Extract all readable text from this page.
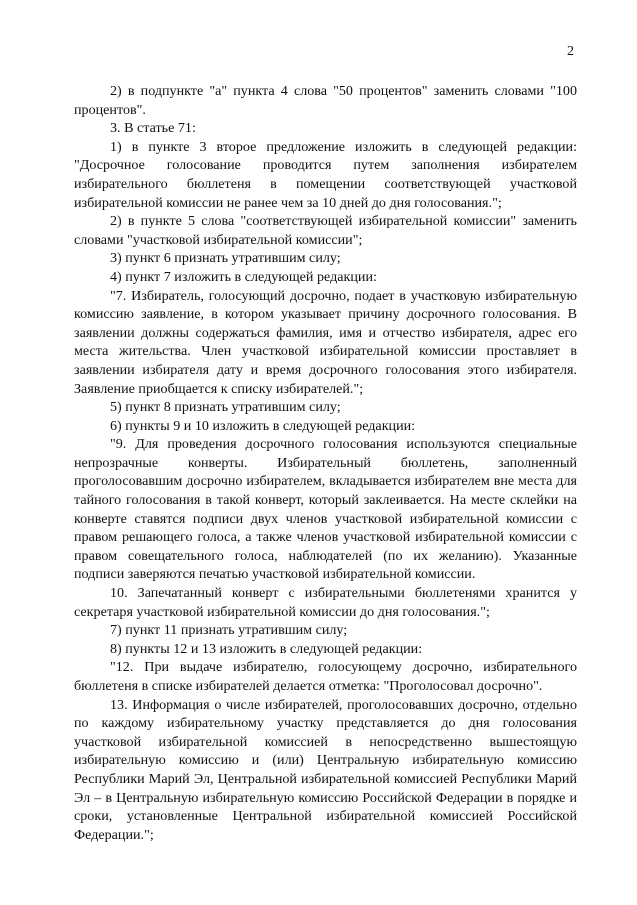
2

2) в подпункте "а" пункта 4 слова "50 процентов" заменить словами "100 процентов".

3. В статье 71:

1) в пункте 3 второе предложение изложить в следующей редакции: "Досрочное голосование проводится путем заполнения избирателем избирательного бюллетеня в помещении соответствующей участковой избирательной комиссии не ранее чем за 10 дней до дня голосования.";

2) в пункте 5 слова "соответствующей избирательной комиссии" заменить словами "участковой избирательной комиссии";

3) пункт 6 признать утратившим силу;

4) пункт 7 изложить в следующей редакции:

"7. Избиратель, голосующий досрочно, подает в участковую избирательную комиссию заявление, в котором указывает причину досрочного голосования. В заявлении должны содержаться фамилия, имя и отчество избирателя, адрес его места жительства. Член участковой избирательной комиссии проставляет в заявлении избирателя дату и время досрочного голосования этого избирателя. Заявление приобщается к списку избирателей.";

5) пункт 8 признать утратившим силу;

6) пункты 9 и 10 изложить в следующей редакции:

"9. Для проведения досрочного голосования используются специальные непрозрачные конверты. Избирательный бюллетень, заполненный проголосовавшим досрочно избирателем, вкладывается избирателем вне места для тайного голосования в такой конверт, который заклеивается. На месте склейки на конверте ставятся подписи двух членов участковой избирательной комиссии с правом решающего голоса, а также членов участковой избирательной комиссии с правом совещательного голоса, наблюдателей (по их желанию). Указанные подписи заверяются печатью участковой избирательной комиссии.

10. Запечатанный конверт с избирательными бюллетенями хранится у секретаря участковой избирательной комиссии до дня голосования.";

7) пункт 11 признать утратившим силу;

8) пункты 12 и 13 изложить в следующей редакции:

"12. При выдаче избирателю, голосующему досрочно, избирательного бюллетеня в списке избирателей делается отметка: "Проголосовал досрочно".

13. Информация о числе избирателей, проголосовавших досрочно, отдельно по каждому избирательному участку представляется до дня голосования участковой избирательной комиссией в непосредственно вышестоящую избирательную комиссию и (или) Центральную избирательную комиссию Республики Марий Эл, Центральной избирательной комиссией Республики Марий Эл – в Центральную избирательную комиссию Российской Федерации в порядке и сроки, установленные Центральной избирательной комиссией Российской Федерации.";
